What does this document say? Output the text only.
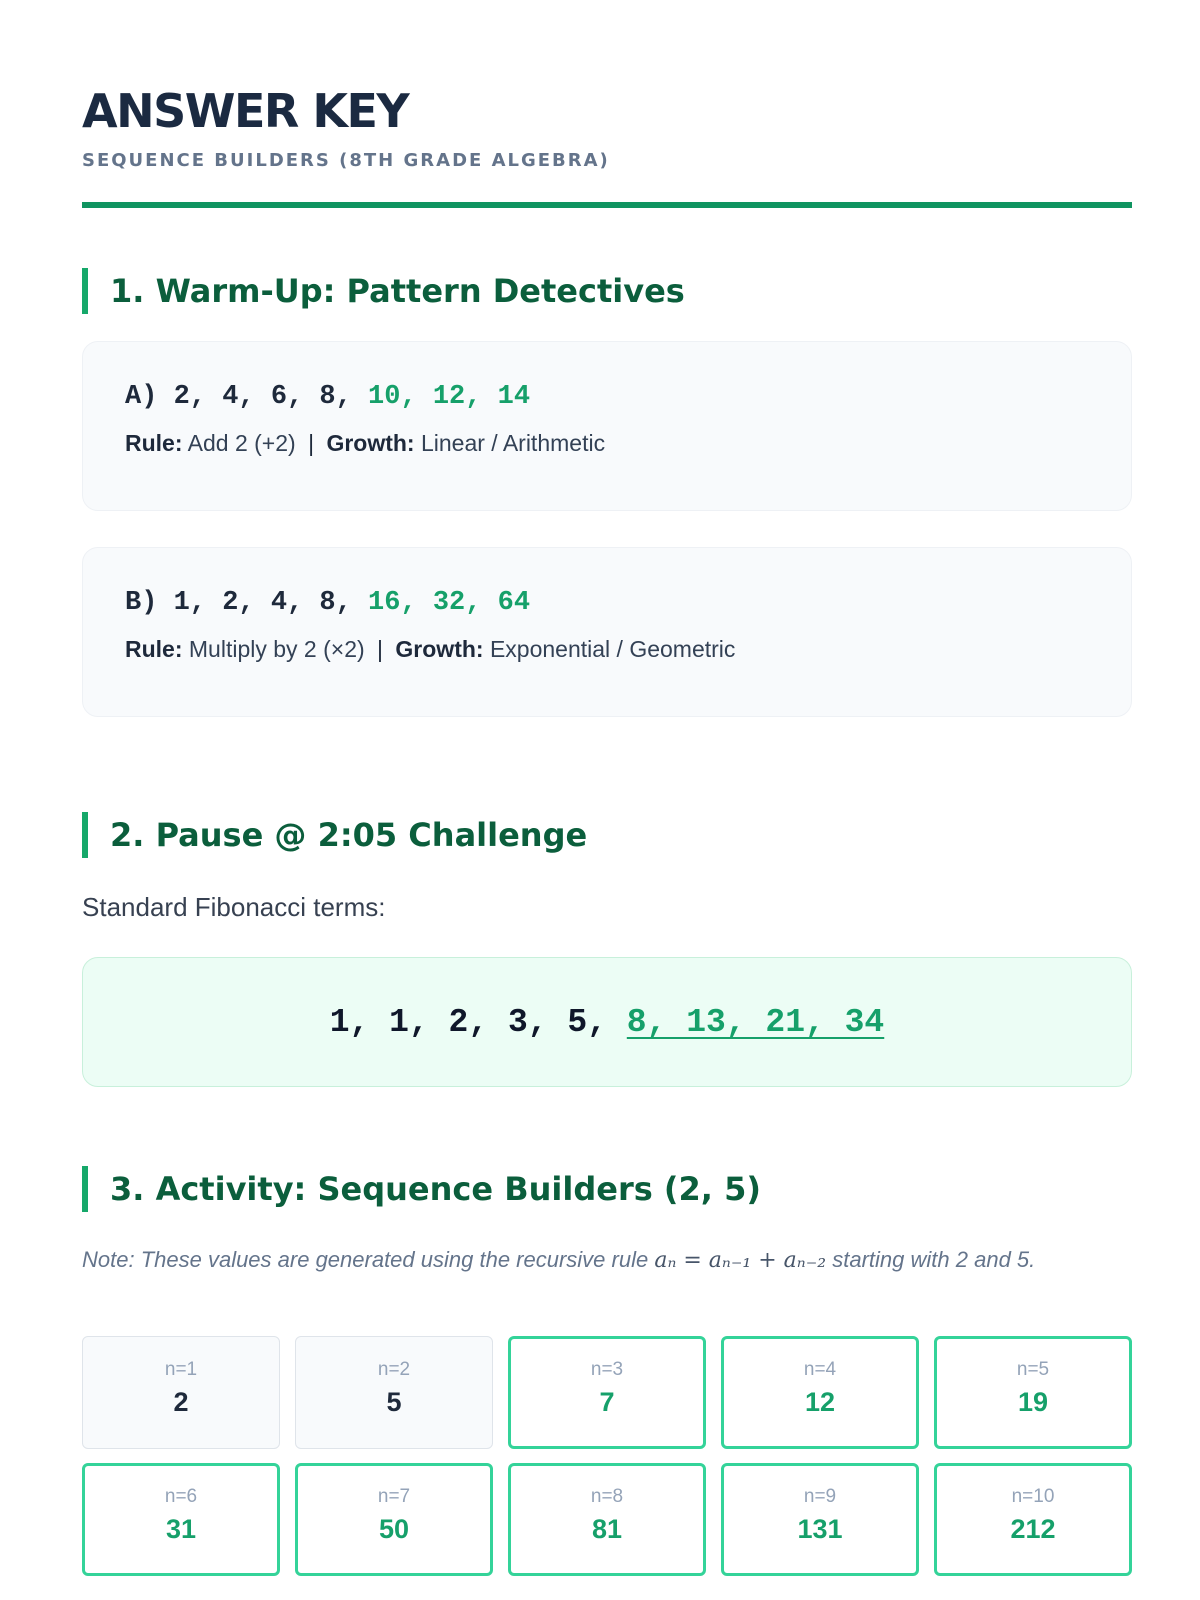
ANSWER KEY
SEQUENCE BUILDERS (8TH GRADE ALGEBRA)
1. Warm-Up: Pattern Detectives
A) 2, 4, 6, 8, 10, 12, 14
Rule: Add 2 (+2) | Growth: Linear / Arithmetic
B) 1, 2, 4, 8, 16, 32, 64
Rule: Multiply by 2 (×2) | Growth: Exponential / Geometric
2. Pause @ 2:05 Challenge
Standard Fibonacci terms:
1, 1, 2, 3, 5, 8, 13, 21, 34
3. Activity: Sequence Builders (2, 5)
Note: These values are generated using the recursive rule aₙ = aₙ₋₁ + aₙ₋₂ starting with 2 and 5.
n=1
2
n=2
5
n=3
7
n=4
12
n=5
19
n=6
31
n=7
50
n=8
81
n=9
131
n=10
212
